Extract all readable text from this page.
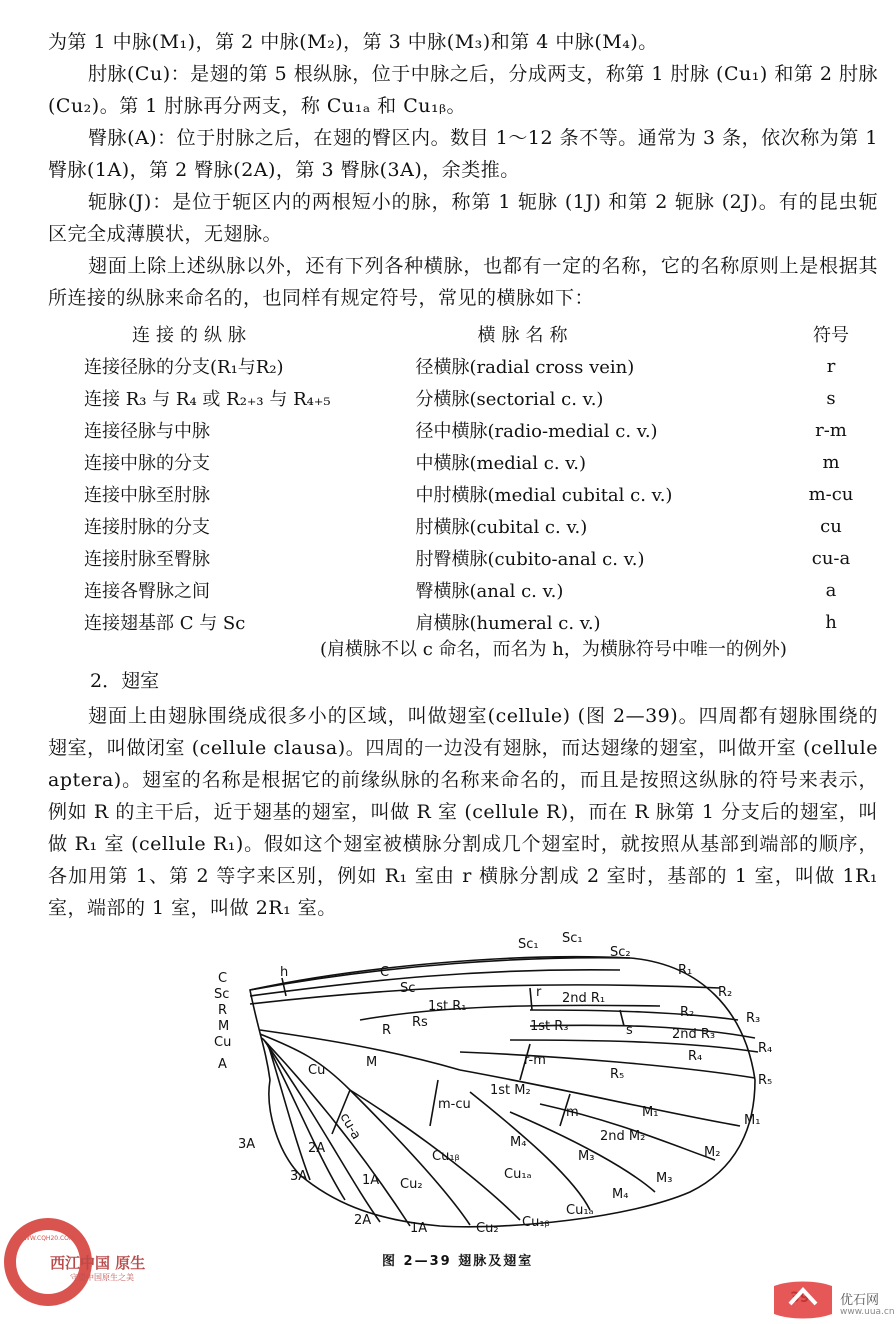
为第 1 中脉(M₁)，第 2 中脉(M₂)，第 3 中脉(M₃)和第 4 中脉(M₄)。

肘脉(Cu)：是翅的第 5 根纵脉，位于中脉之后，分成两支，称第 1 肘脉 (Cu₁) 和第 2 肘脉(Cu₂)。第 1 肘脉再分两支，称 Cu₁ₐ 和 Cu₁ᵦ。

臀脉(A)：位于肘脉之后，在翅的臀区内。数目 1～12 条不等。通常为 3 条，依次称为第 1 臀脉(1A)，第 2 臀脉(2A)，第 3 臀脉(3A)，余类推。

轭脉(J)：是位于轭区内的两根短小的脉，称第 1 轭脉 (1J) 和第 2 轭脉 (2J)。有的昆虫轭区完全成薄膜状，无翅脉。

翅面上除上述纵脉以外，还有下列各种横脉，也都有一定的名称，它的名称原则上是根据其所连接的纵脉来命名的，也同样有规定符号，常见的横脉如下：

连接的纵脉	横脉名称	符号
连接径脉的分支(R₁与R₂)	径横脉(radial cross vein)	r
连接 R₃ 与 R₄ 或 R₂₊₃ 与 R₄₊₅	分横脉(sectorial c. v.)	s
连接径脉与中脉	径中横脉(radio-medial c. v.)	r-m
连接中脉的分支	中横脉(medial c. v.)	m
连接中脉至肘脉	中肘横脉(medial cubital c. v.)	m-cu
连接肘脉的分支	肘横脉(cubital c. v.)	cu
连接肘脉至臀脉	肘臀横脉(cubito-anal c. v.)	cu-a
连接各臀脉之间	臀横脉(anal c. v.)	a
连接翅基部 C 与 Sc	肩横脉(humeral c. v.)	h
(肩横脉不以 c 命名，而名为 h，为横脉符号中唯一的例外)
2．翅室

翅面上由翅脉围绕成很多小的区域，叫做翅室(cellule) (图 2—39)。四周都有翅脉围绕的翅室，叫做闭室 (cellule clausa)。四周的一边没有翅脉，而达翅缘的翅室，叫做开室 (cellule aptera)。翅室的名称是根据它的前缘纵脉的名称来命名的，而且是按照这纵脉的符号来表示，例如 R 的主干后，近于翅基的翅室，叫做 R 室 (cellule R)，而在 R 脉第 1 分支后的翅室，叫做 R₁ 室 (cellule R₁)。假如这个翅室被横脉分割成几个翅室时，就按照从基部到端部的顺序，各加用第 1、第 2 等字来区别，例如 R₁ 室由 r 横脉分割成 2 室时，基部的 1 室，叫做 1R₁ 室，端部的 1 室，叫做 2R₁ 室。

C
Sc
R
M
Cu
A
h	C
Sc
Sc₁ Sc₁
Sc₂
R₁
R₂
R₃
R₄
R₅
1st R₁
2nd R₁
r
Rs
R	1st R₃
R₂
s	2nd R₃
R₄
R₅
r-m
M
1st M₂
m	M₁
M₁
2nd M₂
M₂
M₄
M₃
M₃
M₄
m-cu
Cu
cu-a
Cu₁ᵦ
Cu₁ₐ
Cu₁ₐ
Cu₁ᵦ
Cu₂
Cu₂
1A
1A
2A
2A
3A
3A
图 2—39 翅脉及翅室
WWW.CQH20.COM
西江中国 原生
守望中国原生之美
优石网
www.uua.cn
